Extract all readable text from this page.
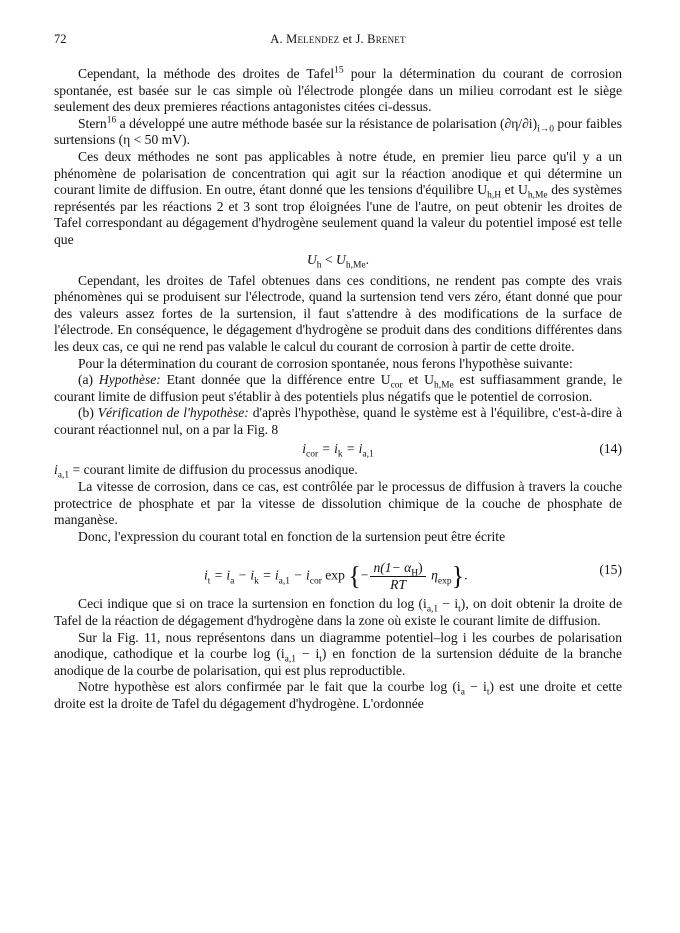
72	A. Melendez et J. Brenet

Cependant, la méthode des droites de Tafel$^{15}$ pour la détermination du courant de corrosion spontanée, est basée sur le cas simple où l'électrode plongée dans un milieu corrodant est le siège seulement des deux premieres réactions antagonistes citées ci-dessus.

Stern$^{16}$ a développé une autre méthode basée sur la résistance de polarisation $(\partial\eta/\partial i)_{i\to 0}$ pour faibles surtensions (η < 50 mV).

Ces deux méthodes ne sont pas applicables à notre étude, en premier lieu parce qu'il y a un phénomène de polarisation de concentration qui agit sur la réaction anodique et qui détermine un courant limite de diffusion. En outre, étant donné que les tensions d'équilibre $U_{h,H}$ et $U_{h,Me}$ des systèmes représentés par les réactions 2 et 3 sont trop éloignées l'une de l'autre, on peut obtenir les droites de Tafel correspondant au dégagement d'hydrogène seulement quand la valeur du potentiel imposé est telle que

$U_h < U_{h,Me}$.

Cependant, les droites de Tafel obtenues dans ces conditions, ne rendent pas compte des vrais phénomènes qui se produisent sur l'électrode, quand la surtension tend vers zéro, étant donné que pour des valeurs assez fortes de la surtension, il faut s'attendre à des modifications de la surface de l'électrode. En conséquence, le dégagement d'hydrogène se produit dans des conditions différentes dans les deux cas, ce qui ne rend pas valable le calcul du courant de corrosion à partir de cette droite.

Pour la détermination du courant de corrosion spontanée, nous ferons l'hypothèse suivante:

(a) Hypothèse: Etant donnée que la différence entre $U_{cor}$ et $U_{h,Me}$ est suffiasamment grande, le courant limite de diffusion peut s'établir à des potentiels plus négatifs que le potentiel de corrosion.

(b) Vérification de l'hypothèse: d'après l'hypothèse, quand le système est à l'équilibre, c'est-à-dire à courant réactionnel nul, on a par la Fig. 8

$i_{cor} = i_k = i_{a,1}$	(14)

$i_{a,1}$ = courant limite de diffusion du processus anodique.

La vitesse de corrosion, dans ce cas, est contrôlée par le processus de diffusion à travers la couche protectrice de phosphate et par la vitesse de dissolution chimique de la couche de phosphate de manganèse.

Donc, l'expression du courant total en fonction de la surtension peut être écrite

$i_t = i_a - i_k = i_{a,1} - i_{cor}$ exp {− $\frac{n(1- \alpha_H)}{RT} \eta_{exp}$}.	(15)

Ceci indique que si on trace la surtension en fonction du $\log (i_{a,1} - i_t)$, on doit obtenir la droite de Tafel de la réaction de dégagement d'hydrogène dans la zone où existe le courant limite de diffusion.

Sur la Fig. 11, nous représentons dans un diagramme potentiel–log i les courbes de polarisation anodique, cathodique et la courbe $\log (i_{a,1} - i_t)$ en fonction de la surtension déduite de la branche anodique de la courbe de polarisation, qui est plus reproductible.

Notre hypothèse est alors confirmée par le fait que la courbe $\log (i_a - i_t)$ est une droite et cette droite est la droite de Tafel du dégagement d'hydrogène. L'ordonnée
